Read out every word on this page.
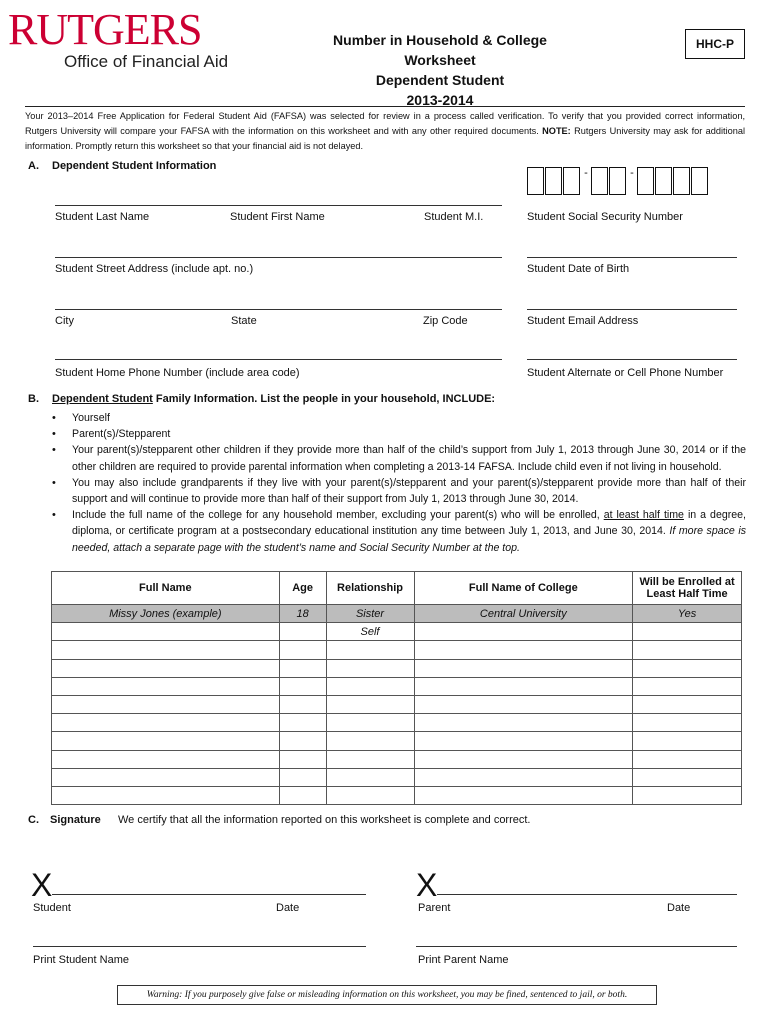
RUTGERS
Office of Financial Aid
Number in Household & College Worksheet
Dependent Student
2013-2014
HHC-P
Your 2013–2014 Free Application for Federal Student Aid (FAFSA) was selected for review in a process called verification. To verify that you provided correct information, Rutgers University will compare your FAFSA with the information on this worksheet and with any other required documents. NOTE: Rutgers University may ask for additional information. Promptly return this worksheet so that your financial aid is not delayed.
A. Dependent Student Information
-	-
Student Last Name	Student First Name	Student M.I.	Student Social Security Number
Student Street Address (include apt. no.)	Student Date of Birth
City	State	Zip Code	Student Email Address
Student Home Phone Number (include area code)	Student Alternate or Cell Phone Number
B. Dependent Student Family Information. List the people in your household, INCLUDE:
• Yourself
• Parent(s)/Stepparent
• Your parent(s)/stepparent other children if they provide more than half of the child’s support from July 1, 2013 through June 30, 2014 or if the other children are required to provide parental information when completing a 2013-14 FAFSA. Include child even if not living in household.
• You may also include grandparents if they live with your parent(s)/stepparent and your parent(s)/stepparent provide more than half of their support and will continue to provide more than half of their support from July 1, 2013 through June 30, 2014.
• Include the full name of the college for any household member, excluding your parent(s) who will be enrolled, at least half time in a degree, diploma, or certificate program at a postsecondary educational institution any time between July 1, 2013, and June 30, 2014. If more space is needed, attach a separate page with the student’s name and Social Security Number at the top.
Full Name	Age	Relationship	Full Name of College	Will be Enrolled at Least Half Time
Missy Jones (example)	18	Sister	Central University	Yes
		Self		

C. Signature We certify that all the information reported on this worksheet is complete and correct.
X	X
Student	Date	Parent	Date
Print Student Name	Print Parent Name
Warning: If you purposely give false or misleading information on this worksheet, you may be fined, sentenced to jail, or both.
